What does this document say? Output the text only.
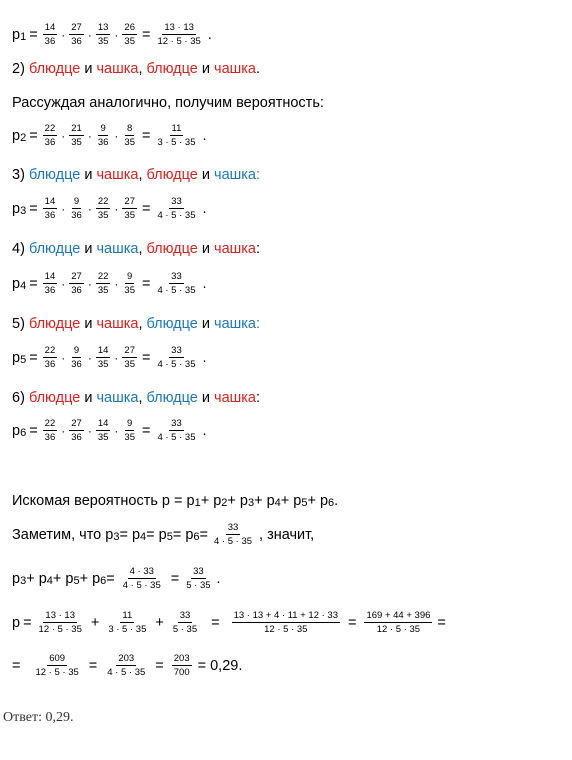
p $1 = \frac{14}{36} \cdot \frac{27}{36} \cdot \frac{13}{35} \cdot \frac{26}{35} = \frac{13 \cdot 13}{12 \cdot 5 \cdot 35}$ .
2)
блюдце
и
чашка ,
блюдце
и
чашка .
Рассуждая аналогично, получим вероятность:
p $2 = \frac{22}{36} \cdot \frac{21}{35} \cdot \frac{9}{36} \cdot \frac{8}{35} = \frac{11}{3 \cdot 5 \cdot 35}$ .
3)
блюдце
и
чашка ,
блюдце
и
чашка :
p $3 = \frac{14}{36} \cdot \frac{9}{36} \cdot \frac{22}{35} \cdot \frac{27}{35} = \frac{33}{4 \cdot 5 \cdot 35}$ .
4)
блюдце
и
чашка ,
блюдце
и
чашка :
p $4 = \frac{14}{36} \cdot \frac{27}{36} \cdot \frac{22}{35} \cdot \frac{9}{35} = \frac{33}{4 \cdot 5 \cdot 35}$ .
5)
блюдце
и
чашка ,
блюдце
и
чашка :
p $5 = \frac{22}{36} \cdot \frac{9}{36} \cdot \frac{14}{35} \cdot \frac{27}{35} = \frac{33}{4 \cdot 5 \cdot 35}$ .
6)
блюдце
и
чашка ,
блюдце
и
чашка :
p $6 = \frac{22}{36} \cdot \frac{27}{36} \cdot \frac{14}{35} \cdot \frac{9}{35} = \frac{33}{4 \cdot 5 \cdot 35}$ .
Искомая вероятность p = p 1 + p 2 + p 3 + p 4 + p 5 + p 6 .
Заметим, что p 3 = p 4 = p 5 = p $6 = \frac{33}{4 \cdot 5 \cdot 35}$ , значит,
p 3 + p 4 + p 5 + p $6 = \frac{4 \cdot 33}{4 \cdot 5 \cdot 35} = \frac{33}{5 \cdot 35}$ .
$p = \frac{13 \cdot 13}{12 \cdot 5 \cdot 35} + \frac{11}{3 \cdot 5 \cdot 35} + \frac{33}{5 \cdot 35} = \frac{13 \cdot 13 + 4 \cdot 11 + 12 \cdot 33}{12 \cdot 5 \cdot 35} = \frac{169 + 44 + 396}{12 \cdot 5 \cdot 35}$ =
= $\frac{609}{12 \cdot 5 \cdot 35} = \frac{203}{4 \cdot 5 \cdot 35} = \frac{203}{700} = 0,29$.
Ответ: 0,29.
